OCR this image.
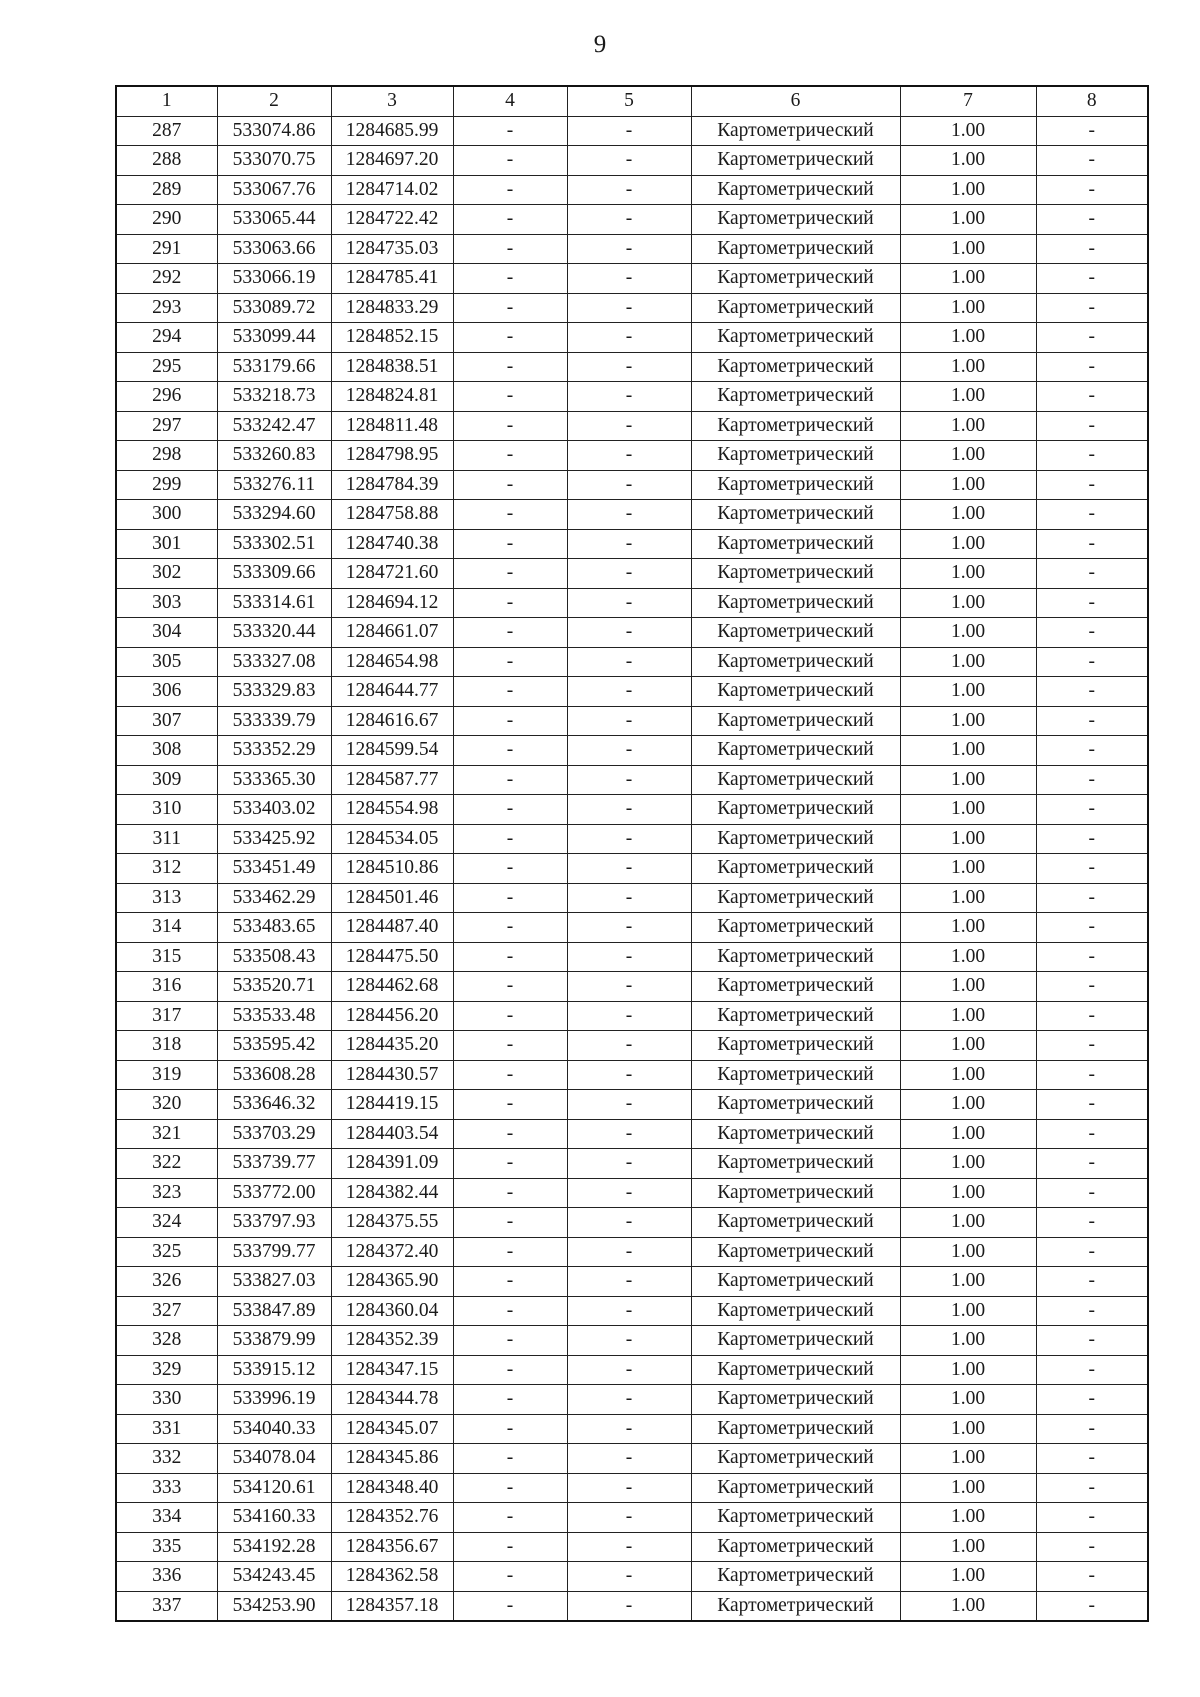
9
1	2	3	4	5	6	7	8
287	533074.86	1284685.99	-	-	Картометрический	1.00	-
288	533070.75	1284697.20	-	-	Картометрический	1.00	-
289	533067.76	1284714.02	-	-	Картометрический	1.00	-
290	533065.44	1284722.42	-	-	Картометрический	1.00	-
291	533063.66	1284735.03	-	-	Картометрический	1.00	-
292	533066.19	1284785.41	-	-	Картометрический	1.00	-
293	533089.72	1284833.29	-	-	Картометрический	1.00	-
294	533099.44	1284852.15	-	-	Картометрический	1.00	-
295	533179.66	1284838.51	-	-	Картометрический	1.00	-
296	533218.73	1284824.81	-	-	Картометрический	1.00	-
297	533242.47	1284811.48	-	-	Картометрический	1.00	-
298	533260.83	1284798.95	-	-	Картометрический	1.00	-
299	533276.11	1284784.39	-	-	Картометрический	1.00	-
300	533294.60	1284758.88	-	-	Картометрический	1.00	-
301	533302.51	1284740.38	-	-	Картометрический	1.00	-
302	533309.66	1284721.60	-	-	Картометрический	1.00	-
303	533314.61	1284694.12	-	-	Картометрический	1.00	-
304	533320.44	1284661.07	-	-	Картометрический	1.00	-
305	533327.08	1284654.98	-	-	Картометрический	1.00	-
306	533329.83	1284644.77	-	-	Картометрический	1.00	-
307	533339.79	1284616.67	-	-	Картометрический	1.00	-
308	533352.29	1284599.54	-	-	Картометрический	1.00	-
309	533365.30	1284587.77	-	-	Картометрический	1.00	-
310	533403.02	1284554.98	-	-	Картометрический	1.00	-
311	533425.92	1284534.05	-	-	Картометрический	1.00	-
312	533451.49	1284510.86	-	-	Картометрический	1.00	-
313	533462.29	1284501.46	-	-	Картометрический	1.00	-
314	533483.65	1284487.40	-	-	Картометрический	1.00	-
315	533508.43	1284475.50	-	-	Картометрический	1.00	-
316	533520.71	1284462.68	-	-	Картометрический	1.00	-
317	533533.48	1284456.20	-	-	Картометрический	1.00	-
318	533595.42	1284435.20	-	-	Картометрический	1.00	-
319	533608.28	1284430.57	-	-	Картометрический	1.00	-
320	533646.32	1284419.15	-	-	Картометрический	1.00	-
321	533703.29	1284403.54	-	-	Картометрический	1.00	-
322	533739.77	1284391.09	-	-	Картометрический	1.00	-
323	533772.00	1284382.44	-	-	Картометрический	1.00	-
324	533797.93	1284375.55	-	-	Картометрический	1.00	-
325	533799.77	1284372.40	-	-	Картометрический	1.00	-
326	533827.03	1284365.90	-	-	Картометрический	1.00	-
327	533847.89	1284360.04	-	-	Картометрический	1.00	-
328	533879.99	1284352.39	-	-	Картометрический	1.00	-
329	533915.12	1284347.15	-	-	Картометрический	1.00	-
330	533996.19	1284344.78	-	-	Картометрический	1.00	-
331	534040.33	1284345.07	-	-	Картометрический	1.00	-
332	534078.04	1284345.86	-	-	Картометрический	1.00	-
333	534120.61	1284348.40	-	-	Картометрический	1.00	-
334	534160.33	1284352.76	-	-	Картометрический	1.00	-
335	534192.28	1284356.67	-	-	Картометрический	1.00	-
336	534243.45	1284362.58	-	-	Картометрический	1.00	-
337	534253.90	1284357.18	-	-	Картометрический	1.00	-
